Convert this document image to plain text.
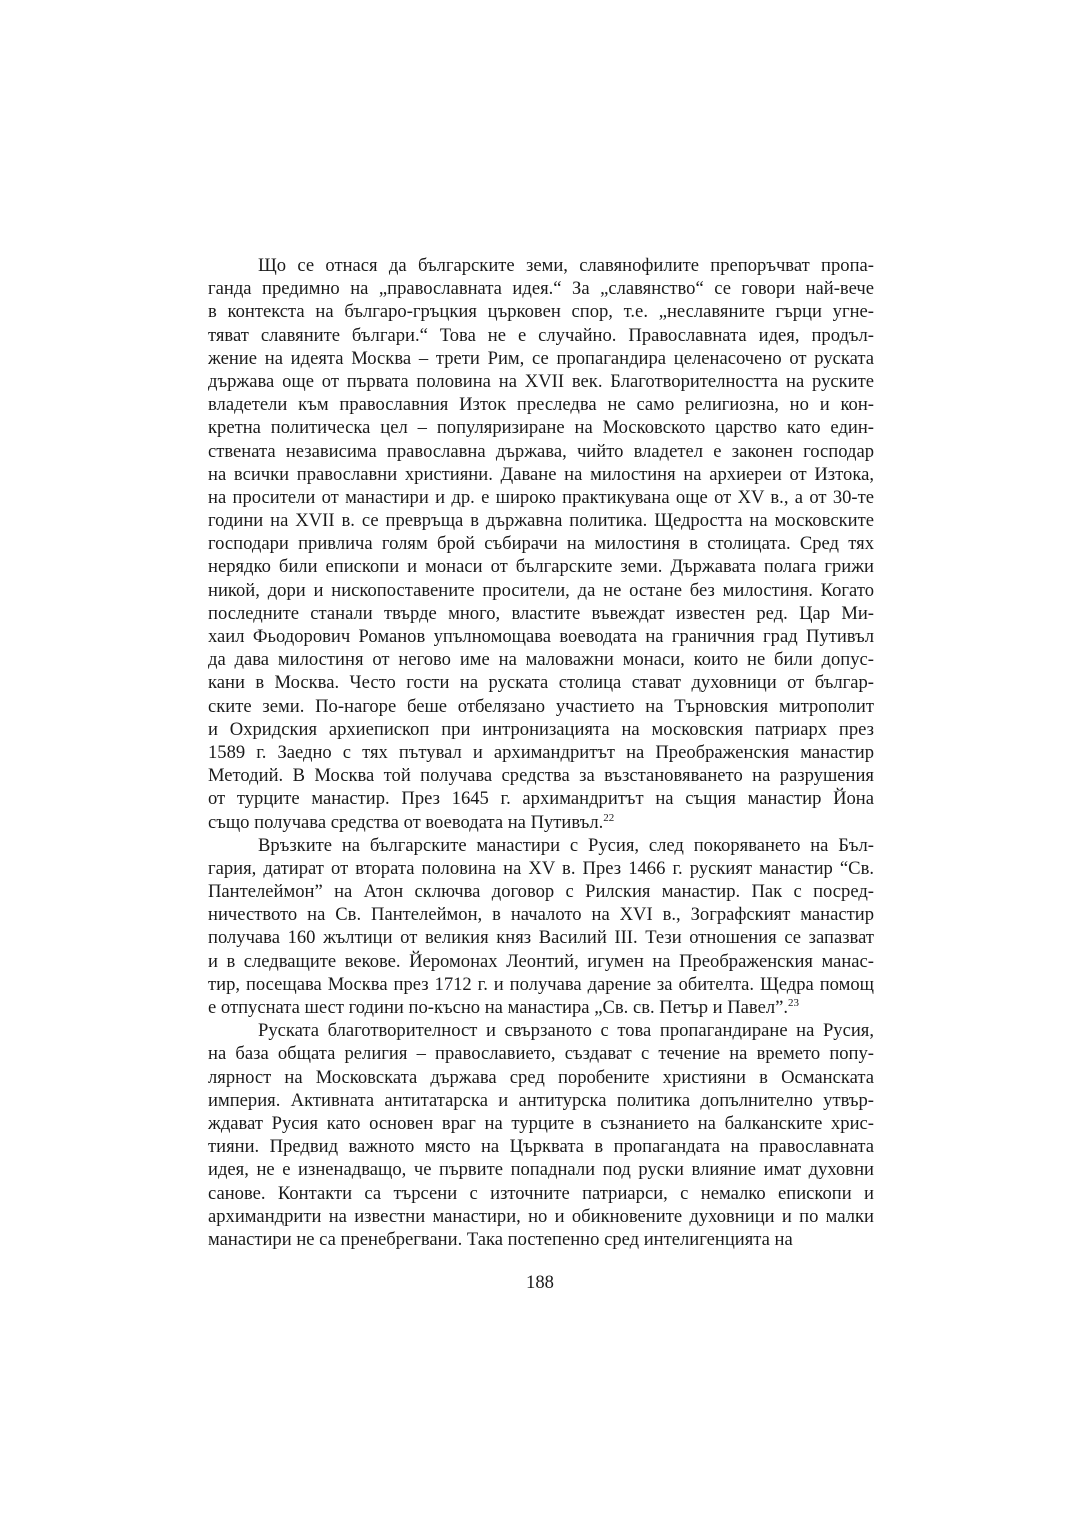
Що се отнася да българските земи, славянофилите препоръчват пропа-
ганда предимно на „православната идея.“ За „славянство“ се говори най-вече
в контекста на българо-гръцкия църковен спор, т.е. „неславяните гърци угне-
тяват славяните българи.“ Това не е случайно. Православната идея, продъл-
жение на идеята Москва – трети Рим, се пропагандира целенасочено от руската
държава още от първата половина на XVII век. Благотворителността на руските
владетели към православния Изток преследва не само религиозна, но и кон-
кретна политическа цел – популяризиране на Московското царство като един-
ствената независима православна държава, чийто владетел е законен господар
на всички православни християни. Даване на милостиня на архиереи от Изтока,
на просители от манастири и др. е широко практикувана още от XV в., а от 30-те
години на XVII в. се превръща в държавна политика. Щедростта на московските
господари привлича голям брой събирачи на милостиня в столицата. Сред тях
нерядко били епископи и монаси от българските земи. Държавата полага грижи
никой, дори и нископоставените просители, да не остане без милостиня. Когато
последните станали твърде много, властите въвеждат известен ред. Цар Ми-
хаил Фьодорович Романов упълномощава воеводата на граничния град Путивъл
да дава милостиня от негово име на маловажни монаси, които не били допус-
кани в Москва. Често гости на руската столица стават духовници от българ-
ските земи. По-нагоре беше отбелязано участието на Търновския митрополит
и Охридския архиепископ при интронизацията на московския патриарх през
1589 г. Заедно с тях пътувал и архимандритът на Преображенския манастир
Методий. В Москва той получава средства за възстановяването на разрушения
от турците манастир. През 1645 г. архимандритът на същия манастир Йона
също получава средства от воеводата на Путивъл.$^{22}$
Връзките на българските манастири с Русия, след покоряването на Бъл-
гария, датират от втората половина на XV в. През 1466 г. руският манастир “Св.
Пантелеймон” на Атон сключва договор с Рилския манастир. Пак с посред-
ничеството на Св. Пантелеймон, в началото на XVI в., Зографският манастир
получава 160 жълтици от великия княз Василий III. Тези отношения се запазват
и в следващите векове. Йеромонах Леонтий, игумен на Преображенския манас-
тир, посещава Москва през 1712 г. и получава дарение за обителта. Щедра помощ
е отпусната шест години по-късно на манастира „Св. св. Петър и Павел”.$^{23}$
Руската благотворителност и свързаното с това пропагандиране на Русия,
на база общата религия – православието, създават с течение на времето попу-
лярност на Московската държава сред поробените християни в Османската
империя. Активната антитатарска и антитурска политика допълнително утвър-
ждават Русия като основен враг на турците в съзнанието на балканските хрис-
тияни. Предвид важното място на Църквата в пропагандата на православната
идея, не е изненадващо, че първите попаднали под руски влияние имат духовни
санове. Контакти са търсени с източните патриарси, с немалко епископи и
архимандрити на известни манастири, но и обикновените духовници и по малки
манастири не са пренебрегвани. Така постепенно сред интелигенцията на
188
